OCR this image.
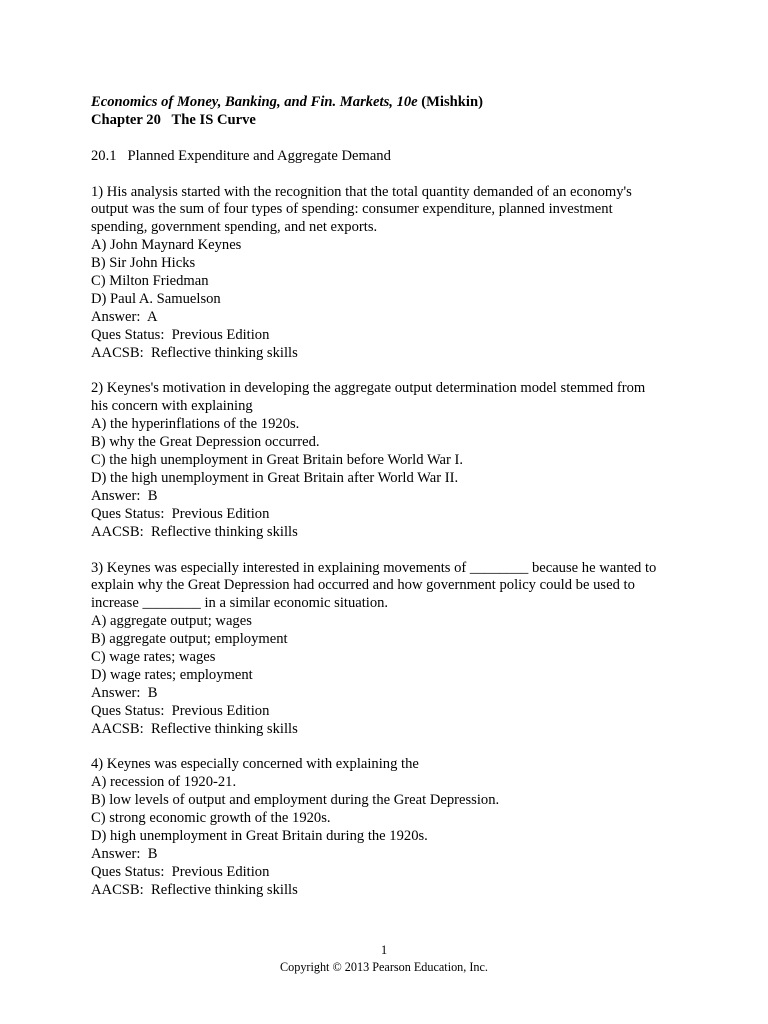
Economics of Money, Banking, and Fin. Markets, 10e (Mishkin)
Chapter 20   The IS Curve
20.1   Planned Expenditure and Aggregate Demand
1) His analysis started with the recognition that the total quantity demanded of an economy's
output was the sum of four types of spending: consumer expenditure, planned investment
spending, government spending, and net exports.
A) John Maynard Keynes
B) Sir John Hicks
C) Milton Friedman
D) Paul A. Samuelson
Answer:  A
Ques Status:  Previous Edition
AACSB:  Reflective thinking skills
2) Keynes's motivation in developing the aggregate output determination model stemmed from
his concern with explaining
A) the hyperinflations of the 1920s.
B) why the Great Depression occurred.
C) the high unemployment in Great Britain before World War I.
D) the high unemployment in Great Britain after World War II.
Answer:  B
Ques Status:  Previous Edition
AACSB:  Reflective thinking skills
3) Keynes was especially interested in explaining movements of ________ because he wanted to
explain why the Great Depression had occurred and how government policy could be used to
increase ________ in a similar economic situation.
A) aggregate output; wages
B) aggregate output; employment
C) wage rates; wages
D) wage rates; employment
Answer:  B
Ques Status:  Previous Edition
AACSB:  Reflective thinking skills
4) Keynes was especially concerned with explaining the
A) recession of 1920-21.
B) low levels of output and employment during the Great Depression.
C) strong economic growth of the 1920s.
D) high unemployment in Great Britain during the 1920s.
Answer:  B
Ques Status:  Previous Edition
AACSB:  Reflective thinking skills
1
Copyright © 2013 Pearson Education, Inc.
